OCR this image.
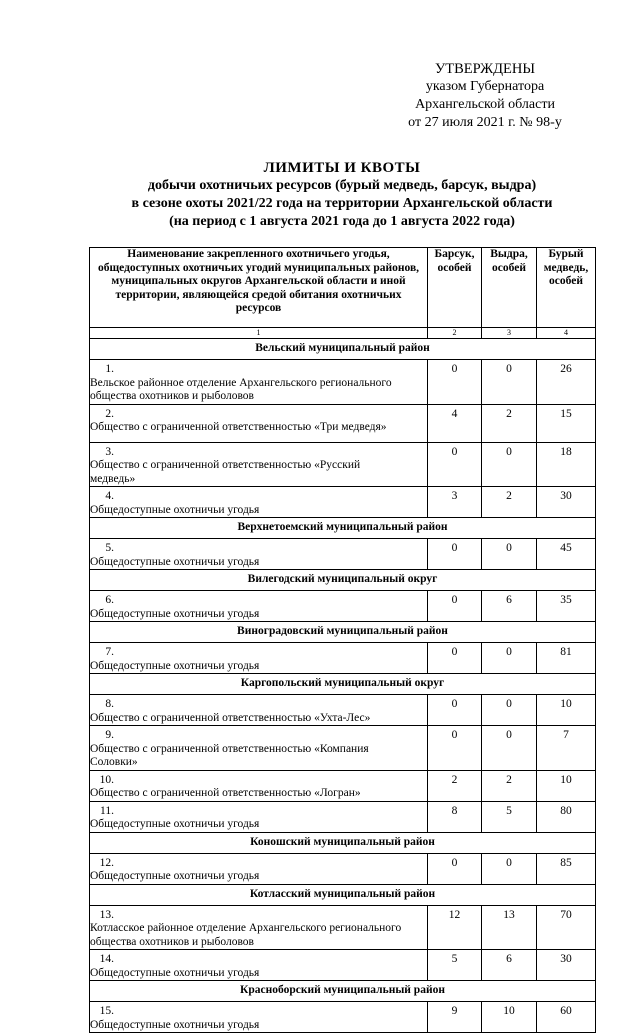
УТВЕРЖДЕНЫ
указом Губернатора
Архангельской области
от 27 июля 2021 г. № 98-у
ЛИМИТЫ И КВОТЫ
добычи охотничьих ресурсов (бурый медведь, барсук, выдра)
в сезоне охоты 2021/22 года на территории Архангельской области
(на период с 1 августа 2021 года до 1 августа 2022 года)
Наименование закрепленного охотничьего угодья, общедоступных охотничьих угодий муниципальных районов, муниципальных округов Архангельской области и иной территории, являющейся средой обитания охотничьих ресурсов	Барсук, особей	Выдра, особей	Бурый медведь, особей
1	2	3	4
Вельский муниципальный район			
1.Вельское районное отделение Архангельского регионального общества охотников и рыболовов	0	0	26
2.Общество с ограниченной ответственностью «Три медведя»	4	2	15
3.Общество с ограниченной ответственностью «Русский медведь»	0	0	18
4.Общедоступные охотничьи угодья	3	2	30
Верхнетоемский муниципальный район			
5.Общедоступные охотничьи угодья	0	0	45
Вилегодский муниципальный округ			
6.Общедоступные охотничьи угодья	0	6	35
Виноградовский муниципальный район			
7.Общедоступные охотничьи угодья	0	0	81
Каргопольский муниципальный округ			
8.Общество с ограниченной ответственностью «Ухта-Лес»	0	0	10
9.Общество с ограниченной ответственностью «Компания Соловки»	0	0	7
10.Общество с ограниченной ответственностью «Логран»	2	2	10
11.Общедоступные охотничьи угодья	8	5	80
Коношский муниципальный район			
12.Общедоступные охотничьи угодья	0	0	85
Котласский муниципальный район			
13.Котласское районное отделение Архангельского регионального общества охотников и рыболовов	12	13	70
14.Общедоступные охотничьи угодья	5	6	30
Красноборский муниципальный район			
15.Общедоступные охотничьи угодья	9	10	60
